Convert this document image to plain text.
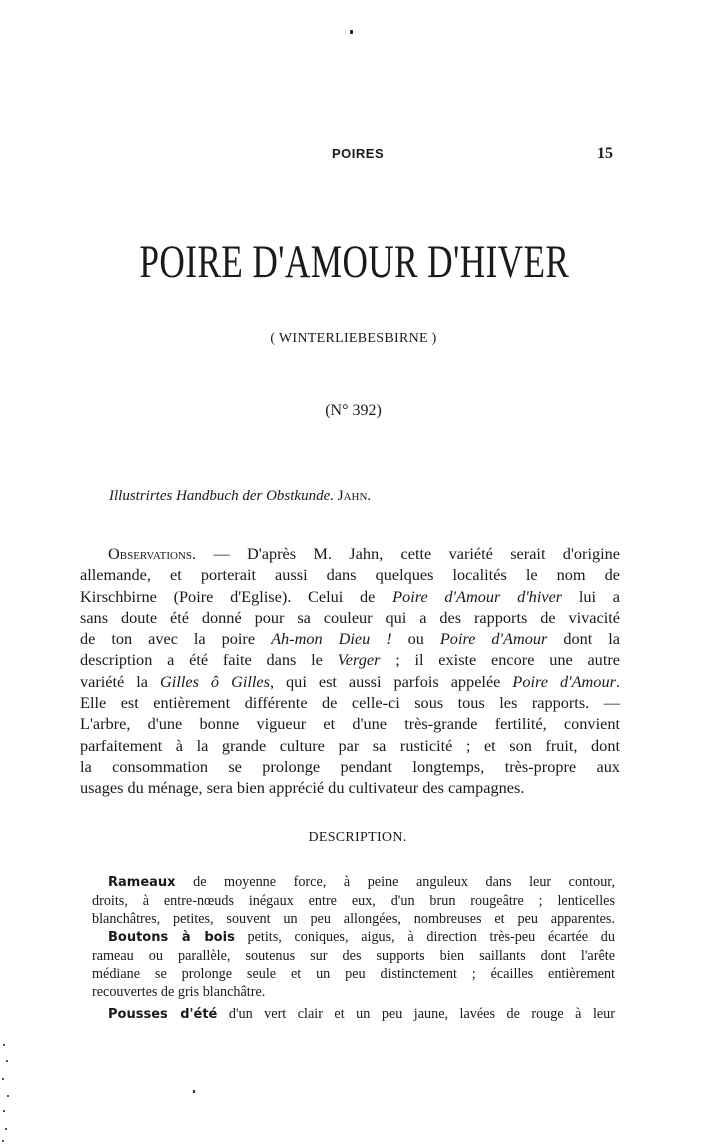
POIRES	15
POIRE D'AMOUR D'HIVER
( WINTERLIEBESBIRNE )
(N° 392)
Illustrirtes Handbuch der Obstkunde. Jahn.
Observations. — D'après M. Jahn, cette variété serait d'origine
allemande, et porterait aussi dans quelques localités le nom de
Kirschbirne (Poire d'Eglise). Celui de Poire d'Amour d'hiver lui a
sans doute été donné pour sa couleur qui a des rapports de vivacité
de ton avec la poire Ah-mon Dieu ! ou Poire d'Amour dont la
description a été faite dans le Verger ; il existe encore une autre
variété la Gilles ô Gilles, qui est aussi parfois appelée Poire d'Amour.
Elle est entièrement différente de celle-ci sous tous les rapports. —
L'arbre, d'une bonne vigueur et d'une très-grande fertilité, convient
parfaitement à la grande culture par sa rusticité ; et son fruit, dont
la consommation se prolonge pendant longtemps, très-propre aux
usages du ménage, sera bien apprécié du cultivateur des campagnes.
DESCRIPTION.
Rameaux de moyenne force, à peine anguleux dans leur contour,
droits, à entre-nœuds inégaux entre eux, d'un brun rougeâtre ; lenticelles
blanchâtres, petites, souvent un peu allongées, nombreuses et peu apparentes.
Boutons à bois petits, coniques, aigus, à direction très-peu écartée du
rameau ou parallèle, soutenus sur des supports bien saillants dont l'arête
médiane se prolonge seule et un peu distinctement ; écailles entièrement
recouvertes de gris blanchâtre.
Pousses d'été d'un vert clair et un peu jaune, lavées de rouge à leur
